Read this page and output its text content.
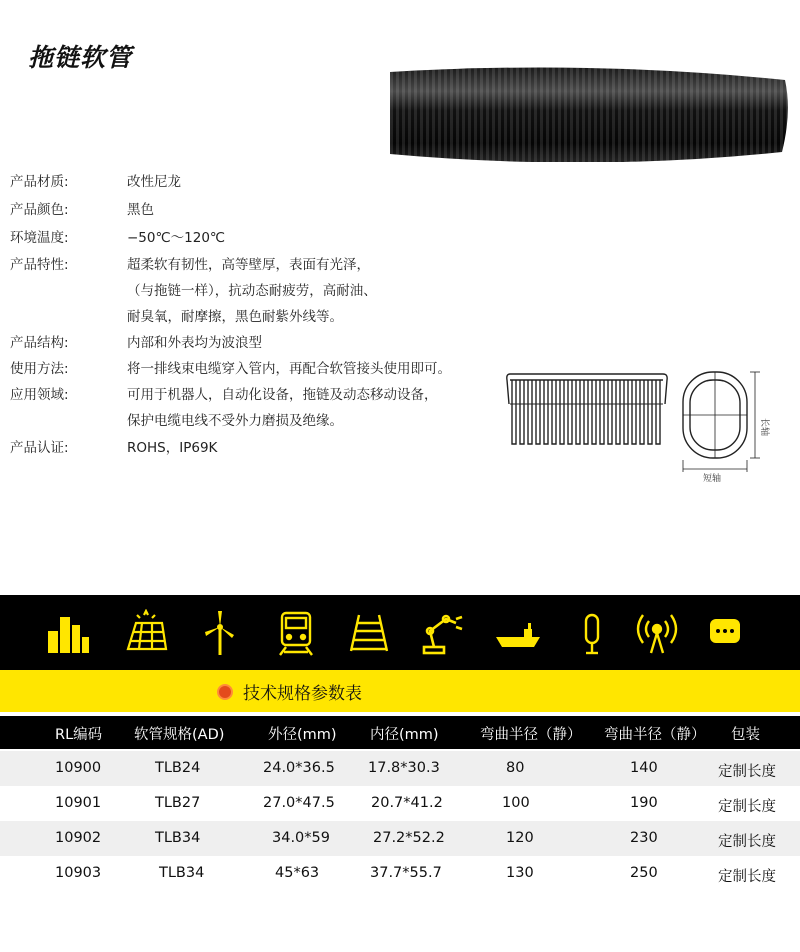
拖链软管
产品材质:	改性尼龙
产品颜色:	黑色
环境温度:	−50℃～120℃
产品特性:	超柔软有韧性，高等壁厚，表面有光泽，
（与拖链一样），抗动态耐疲劳，高耐油、
耐臭氧，耐摩擦，黑色耐紫外线等。
产品结构:	内部和外表均为波浪型
使用方法:	将一排线束电缆穿入管内，再配合软管接头使用即可。
应用领域:	可用于机器人，自动化设备，拖链及动态移动设备，
保护电缆电线不受外力磨损及绝缘。
产品认证:	ROHS，IP69K
长轴
短轴
技术规格参数表
RL编码 软管规格(AD)	外径(mm) 内径(mm)	弯曲半径（静） 弯曲半径（静） 包装
10900	TLB24	24.0*36.5 17.8*30.3	80	140	定制长度
10901	TLB27	27.0*47.5 20.7*41.2	100	190	定制长度
10902	TLB34	34.0*59	27.2*52.2	120	230	定制长度
10903	TLB34	45*63	37.7*55.7	130	250	定制长度
